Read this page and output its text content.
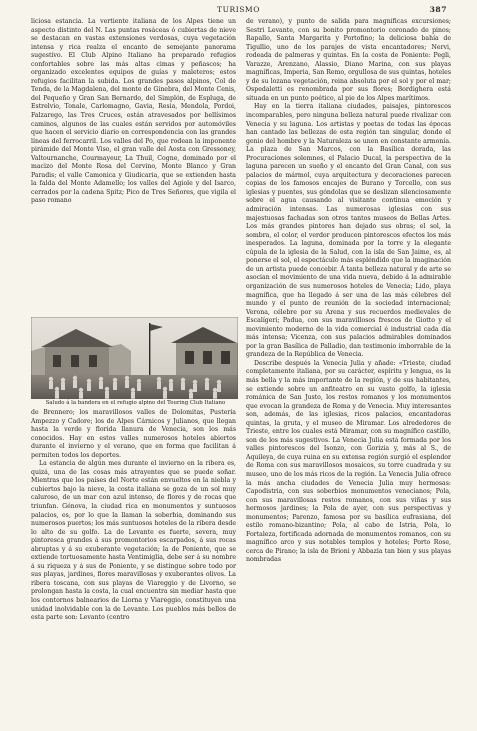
TURISMO	387

liciosa estancia. La vertiente italiana de los Alpes tiene un aspecto distinto del N. Las puntas rosáceas ó cubiertas de nieve se destacan en vastas extensiones verdosas, cuya vegetación intensa y rica realza el encanto de semejante panorama sugestivo. El Club Alpino Italiano ha preparado refugios confortables sobre las más altas cimas y peñascos; ha organizado excelentes equipos de guías y maleteros; estos refugios facilitan la subida. Los grandes pasos alpinos, Col de Tenda, de la Magdalena, del monte de Ginebra, del Monte Cenis, del Pequeño y Gran San Bernardo, del Simplón, de Espluga, de Estrelvio, Tonale, Carlomagno, Gavia, Resia, Mendola, Pordoi, Falzarego, las Tres Cruces, están atravesados por bellísimos caminos, algunos de las cuales están servidos por automóviles que hacen el servicio diario en correspondencia con las grandes líneas del ferrocarril. Los valles del Po, que rodean la imponente pirámide del Monte Viso, el gran valle del Aosta con Gressoney, Valtournanche, Courmayeur, La Thuil, Cogne, dominado por el macizo del Monte Rosa del Cervino, Monte Blanco y Gran Paradis; el valle Camonica y Giudicaria, que se extienden hasta la falda del Monte Adamello; los valles del Agiole y del Isarco, cerrados por la cadena Spitz; Pico de Tres Señores, que vigila el paso romano

Saludo á la bandera en el refugio alpino del Touring Club Italiano

de Brennero; los maravillosos valles de Dolomitas, Pustería Ampezzo y Cadore; los de Alpes Cárnicos y Julianos, que llegan hasta la verde y florida llanura de Venecia, son los más conocidos. Hay en estos valles numerosos hoteles abiertos durante el invierno y el verano, que en forma que facilitan á permiten todos los deportes.

La estancia de algún mes durante el invierno en la ribera es, quizá, una de las cosas más atrayentes que se puede soñar. Mientras que los países del Norte están envueltos en la niebla y cubiertos bajo la nieve, la costa italiana se goza de un sol muy caluroso, de un mar con azul intenso, de flores y de rocas que triunfan. Génova, la ciudad rica en monumentos y suntuosos palacios, es, por lo que la llaman la soberbia, dominando sus numerosos puertos; los más suntuosos hoteles de la ribera desde lo alto de su golfo. La de Levante es fuerte, severa, muy pintoresca grandes á sus promontorios escarpados, á sus rocas abruptas y á su exuberante vegetación; la de Poniente, que se extiende tortuosamente hasta Ventimiglia, debe ser á su nombre á su riqueza y á sus de Poniente, y se distingue sobre todo por sus playas, jardines, flores maravillosas y exuberantes olivos. La ribera toscana, con sus playas de Viareggio y de Livorno, se prolongan hasta la costa, la cual encuentra sin mediar hasta que los contornos balnearios de Liorna y Viareggio, constituyen una unidad inolvidable con la de Levante. Los pueblos más bellos de esta parte son: Levanto (centro

de verano), y punto de salida para magníficas excursiones; Sestri Levante, con su bonito promontorio coronado de pinos; Rapallo, Santa Margarita y Portofino; la deliciosa bahía de Tigullio, uno de los parajes de vista encantadores; Nervi, rodeada de palmeras y quintas. En la costa de Poniente: Pegli, Varazze, Arenzano, Alassio, Diano Marina, con sus playas magníficas, Imperia, San Remo, orgullosa de sus quintas, hoteles y de su lozana vegetación, reina absoluta por el sol y por el mar; Ospedaletti es renombrada por sus flores; Bordighera está situada en un punto poético, al pie de los Alpes marítimos.

Hay en la tierra italiana ciudades, paisajes, pintorescos incomparables, pero ninguna belleza natural puede rivalizar con Venecia y su laguna. Los artistas y poetas de todas las épocas han cantado las bellezas de esta región tan singular, donde el genio del hombre y la Naturaleza se unen en constante armonía. La plaza de San Marcos, con la Basílica dorada, las Procuraciones solemnes, el Palacio Ducal, la perspectiva de la laguna parecen un sueño y el encanto del Gran Canal, con sus palacios de mármol, cuya arquitectura y decoraciones parecen copias de los famosos encajes de Burano y Torcello, con sus iglesias y puentes, sus góndolas que se deslizan silenciosamente sobre el agua causando al visitante continua emoción y admiración intensas. Las numerosas iglesias con sus majestuosas fachadas son otros tantos museos de Bellas Artes. Los más grandes pintores han dejado sus obras; el sol, la sombra, el color, el verdor producen pintorescos efectos los más inesperados. La laguna, dominada por la torre y la elegante cúpula de la iglesia de la Salud, con la isla de San Jaime, es, al ponerse el sol, el espectáculo más espléndido que la imaginación de un artista puede concebir. Á tanta belleza natural y de arte se asocian el movimiento de una vida nueva, debido á la admirable organización de sus numerosos hoteles de Venecia; Lido, playa magnífica, que ha llegado á ser una de las más célebres del mundo y el punto de reunión de la sociedad internacional; Verona, célebre por su Arena y sus recuerdos medievales de Escalígeri; Padua, con sus maravillosos frescos de Giotto y el movimiento moderno de la vida comercial é industrial cada día más intensa; Vicenza, con sus palacios admirables dominados por la gran Basílica de Palladio, dan testimonio imborrable de la grandeza de la República de Venecia.

Describe después la Venecia Julia y añade: «Trieste, ciudad completamente italiana, por su carácter, espíritu y lengua, es la más bella y la más importante de la región, y de sus habitantes, se extiende sobre un anfiteatro en su vasto golfo, la iglesia románica de San Justo, los restos romanos y los monumentos que evocan la grandeza de Roma y de Venecia. Muy interesantes son, además, de las iglesias, ricos palacios, encantadoras quintas, la gruta, y el museo de Miramar. Los alrededores de Trieste, entre los cuales está Miramar, con su magnífico castillo, son de los más sugestivos. La Venecia Julia está formada por los valles pintorescos del Isonzo, con Gorizia y, más al S., de Aquileya, de cuya ruina en su extensa región surgió el esplendor de Roma con sus maravillosos mosaicos, su torre cuadrada y su museo, uno de los más ricos de la región. La Venecia Julia ofrece la más ancha ciudades de Venecia Julia muy hermosas: Capodistria, con sus soberbios monumentos venecianos; Pola, con sus maravillosas restos romanos, con sus viñas y sus hermosos jardines; la Pola de ayer, con sus perspectivas y monumentos; Parenzo, famosa por su basílica eufrasiana, del estilo romano-bizantino; Pola, al cabo de Istria, Pola, lo Fortaleza, fortificada adornada de monumentos romanos, con su magnífico arco y sus notables templos y hoteles; Porto Rose, cerca de Pirano; la isla de Brioni y Abbazia tan bien y sus playas nombradas
